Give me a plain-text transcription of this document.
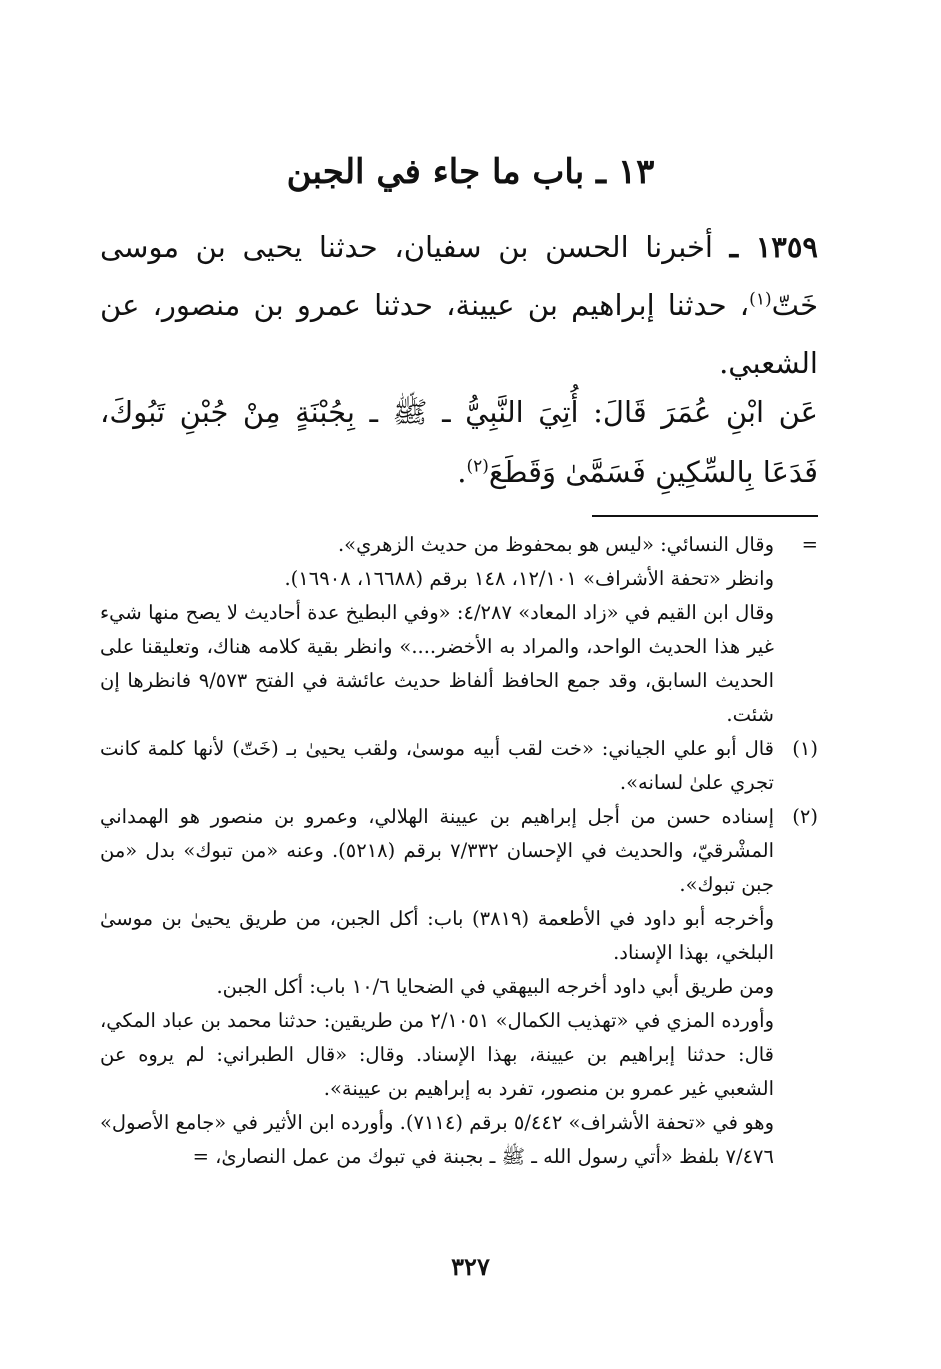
١٣ ـ باب ما جاء في الجبن
١٣٥٩ ـ أخبرنا الحسن بن سفيان، حدثنا يحيى بن موسى خَتّ$^{(١)}$، حدثنا إبراهيم بن عيينة، حدثنا عمرو بن منصور، عن الشعبي.
عَن ابْنِ عُمَرَ قَالَ: أُتِيَ النَّبِيُّ ـ ﷺ ـ بِجُبْنَةٍ مِنْ جُبْنِ تَبُوكَ، فَدَعَا بِالسِّكِينِ فَسَمَّىٰ وَقَطَعَ$^{(٢)}$.
=
وقال النسائي: «ليس هو بمحفوظ من حديث الزهري».

وانظر «تحفة الأشراف» ١٢/١٠١، ١٤٨ برقم (١٦٦٨٨، ١٦٩٠٨).

وقال ابن القيم في «زاد المعاد» ٤/٢٨٧: «وفي البطيخ عدة أحاديث لا يصح منها شيء غير هذا الحديث الواحد، والمراد به الأخضر....» وانظر بقية كلامه هناك، وتعليقنا على الحديث السابق، وقد جمع الحافظ ألفاظ حديث عائشة في الفتح ٩/٥٧٣ فانظرها إن شئت.

(١)
قال أبو علي الجياني: «خت لقب أبيه موسىٰ، ولقب يحيىٰ بـ (خَتّ) لأنها كلمة كانت تجري علىٰ لسانه».
(٢)
إسناده حسن من أجل إبراهيم بن عيينة الهلالي، وعمرو بن منصور هو الهمداني المشْرقيّ، والحديث في الإحسان ٧/٣٣٢ برقم (٥٢١٨). وعنه «من تبوك» بدل «من جبن تبوك».

وأخرجه أبو داود في الأطعمة (٣٨١٩) باب: أكل الجبن، من طريق يحيىٰ بن موسىٰ البلخي، بهذا الإسناد.

ومن طريق أبي داود أخرجه البيهقي في الضحايا ١٠/٦ باب: أكل الجبن.

وأورده المزي في «تهذيب الكمال» ٢/١٠٥١ من طريقين: حدثنا محمد بن عباد المكي، قال: حدثنا إبراهيم بن عيينة، بهذا الإسناد. وقال: «قال الطبراني: لم يروه عن الشعبي غير عمرو بن منصور، تفرد به إبراهيم بن عيينة».

وهو في «تحفة الأشراف» ٥/٤٤٢ برقم (٧١١٤). وأورده ابن الأثير في «جامع الأصول» ٧/٤٧٦ بلفظ «أتي رسول الله ـ ﷺ ـ بجبنة في تبوك من عمل النصارىٰ، =

٣٢٧
